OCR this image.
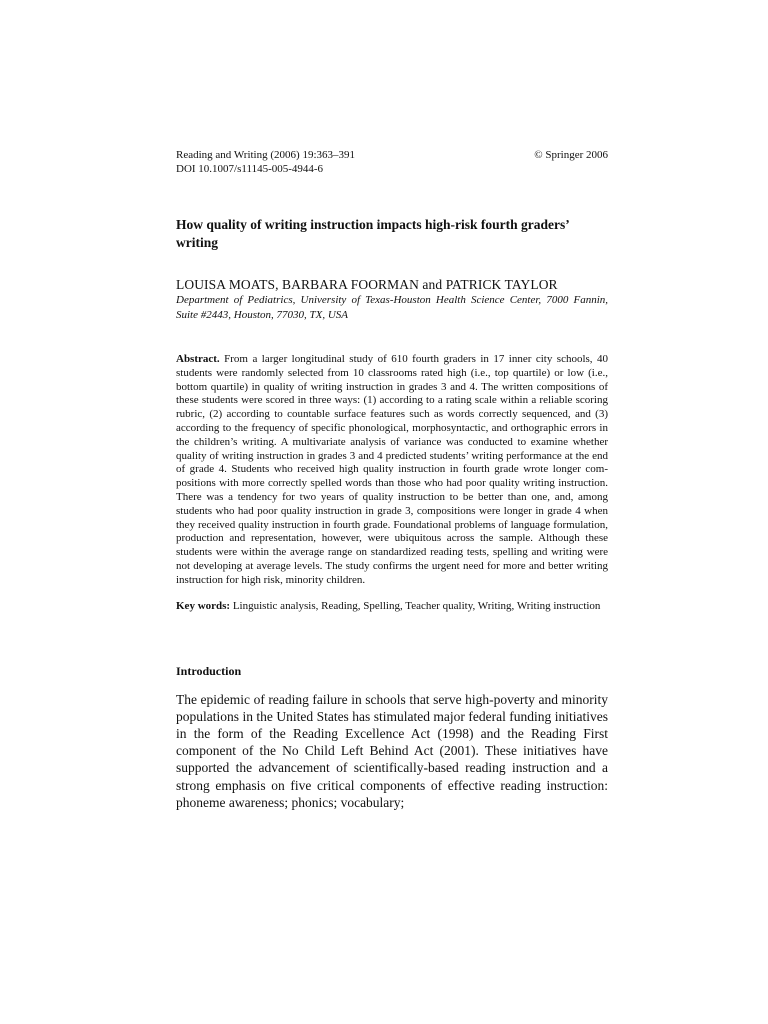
Reading and Writing (2006) 19:363–391
DOI 10.1007/s11145-005-4944-6
© Springer 2006
How quality of writing instruction impacts high-risk fourth graders’ writing
LOUISA MOATS, BARBARA FOORMAN and PATRICK TAYLOR
Department of Pediatrics, University of Texas-Houston Health Science Center, 7000 Fannin, Suite #2443, Houston, 77030, TX, USA
Abstract. From a larger longitudinal study of 610 fourth graders in 17 inner city schools, 40 students were randomly selected from 10 classrooms rated high (i.e., top quartile) or low (i.e., bottom quartile) in quality of writing instruction in grades 3 and 4. The written compositions of these students were scored in three ways: (1) according to a rating scale within a reliable scoring rubric, (2) according to countable surface features such as words correctly sequenced, and (3) according to the frequency of specific phonological, morphosyntactic, and orthographic errors in the children’s writing. A multivariate analysis of variance was conducted to examine whether quality of writing instruction in grades 3 and 4 predicted students’ writing performance at the end of grade 4. Students who received high quality instruction in fourth grade wrote longer compositions with more correctly spelled words than those who had poor quality writing instruction. There was a tendency for two years of quality instruction to be better than one, and, among students who had poor quality instruction in grade 3, compositions were longer in grade 4 when they received quality instruction in fourth grade. Foundational problems of language formulation, production and representation, however, were ubiquitous across the sample. Although these students were within the average range on standardized reading tests, spelling and writing were not developing at average levels. The study confirms the urgent need for more and better writing instruction for high risk, minority children.
Key words: Linguistic analysis, Reading, Spelling, Teacher quality, Writing, Writing instruction
Introduction
The epidemic of reading failure in schools that serve high-poverty and minority populations in the United States has stimulated major federal funding initiatives in the form of the Reading Excellence Act (1998) and the Reading First component of the No Child Left Behind Act (2001). These initiatives have supported the advancement of scientifically-based reading instruction and a strong emphasis on five critical components of effective reading instruction: phoneme awareness; phonics; vocabulary;
